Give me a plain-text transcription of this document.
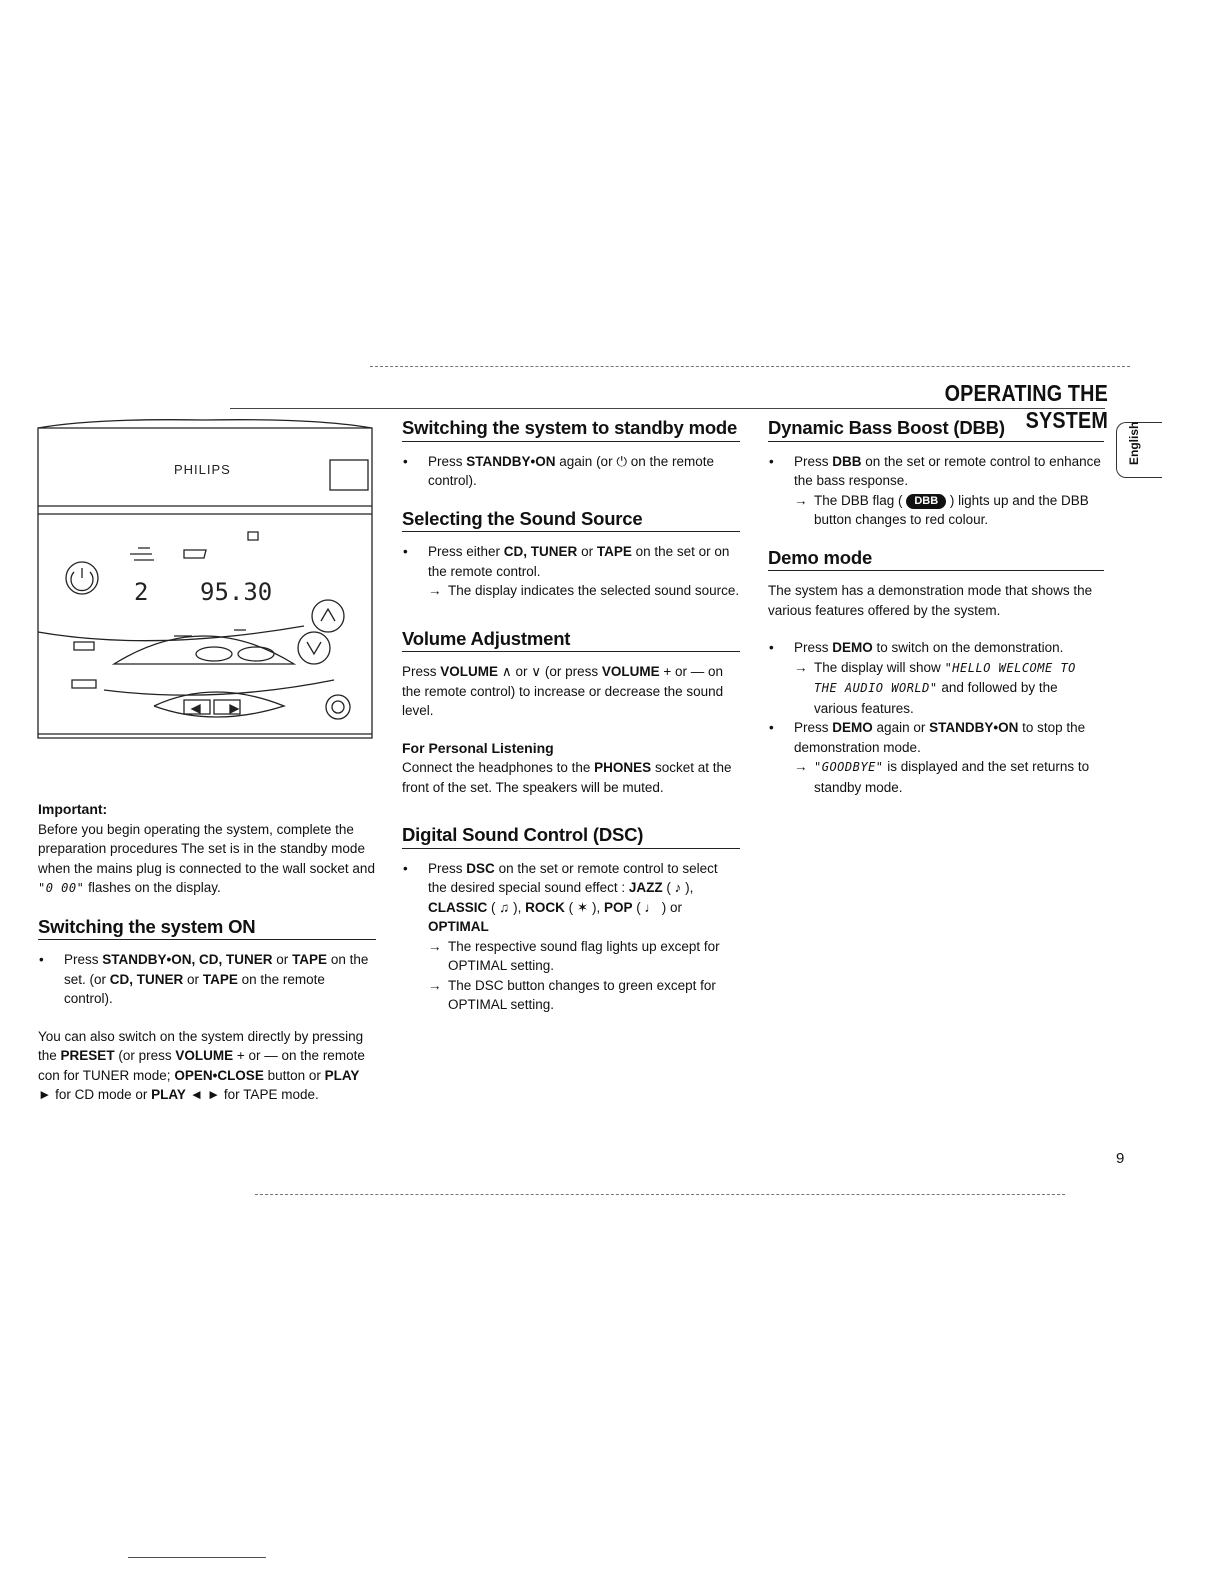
OPERATING THE SYSTEM
English
PHILIPS
2 95.30

Important:

Before you begin operating the system, complete the preparation procedures The set is in the standby mode when the mains plug is connected to the wall socket and "0 00" flashes on the display.

Switching the system ON

• Press STANDBY•ON, CD, TUNER or TAPE on the set. (or CD, TUNER or TAPE on the remote control).

You can also switch on the system directly by pressing the PRESET (or press VOLUME + or — on the remote con for TUNER mode; OPEN•CLOSE button or PLAY ► for CD mode or PLAY ◄ ► for TAPE mode.

Switching the system to standby mode

• Press STANDBY•ON again (or ⏻ on the remote control).

Selecting the Sound Source

• Press either CD, TUNER or TAPE on the set or on the remote control.

→ The display indicates the selected sound source.

Volume Adjustment

Press VOLUME ∧ or ∨ (or press VOLUME + or — on the remote control) to increase or decrease the sound level.

For Personal Listening

Connect the headphones to the PHONES socket at the front of the set. The speakers will be muted.

Digital Sound Control (DSC)

• Press DSC on the set or remote control to select the desired special sound effect : JAZZ ( ♪ ), CLASSIC ( ♫ ), ROCK ( ✶ ), POP ( ♩ ) or OPTIMAL

→ The respective sound flag lights up except for OPTIMAL setting.

→ The DSC button changes to green except for OPTIMAL setting.

Dynamic Bass Boost (DBB)

• Press DBB on the set or remote control to enhance the bass response.

→ The DBB flag ( DBB ) lights up and the DBB button changes to red colour.

Demo mode

The system has a demonstration mode that shows the various features offered by the system.

• Press DEMO to switch on the demonstration.

→ The display will show "HELLO WELCOME TO THE AUDIO WORLD" and followed by the various features.

• Press DEMO again or STANDBY•ON to stop the demonstration mode.

→ "GOODBYE" is displayed and the set returns to standby mode.

9
